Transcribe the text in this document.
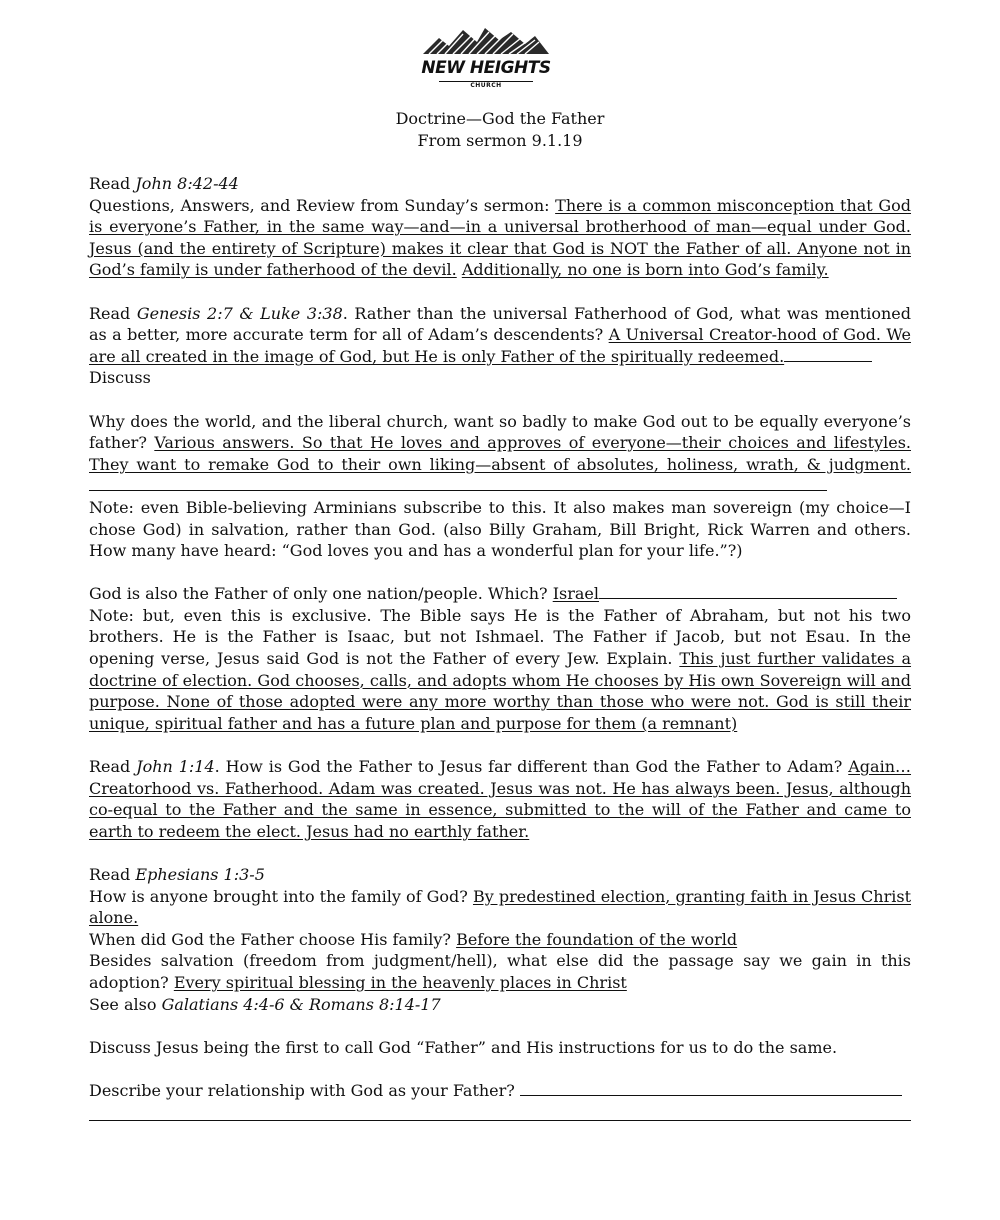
NEW HEIGHTS
CHURCH
Doctrine—God the Father
From sermon 9.1.19

Read John 8:42-44

Questions, Answers, and Review from Sunday’s sermon: There is a common misconception that God is everyone’s Father, in the same way—and—in a universal brotherhood of man—equal under God. Jesus (and the entirety of Scripture) makes it clear that God is NOT the Father of all. Anyone not in God’s family is under fatherhood of the devil. Additionally, no one is born into God’s family.

Read Genesis 2:7 & Luke 3:38. Rather than the universal Fatherhood of God, what was mentioned as a better, more accurate term for all of Adam’s descendents? A Universal Creator-hood of God. We are all created in the image of God, but He is only Father of the spiritually redeemed.

Discuss

Why does the world, and the liberal church, want so badly to make God out to be equally everyone’s father? Various answers. So that He loves and approves of everyone—their choices and lifestyles. They want to remake God to their own liking—absent of absolutes, holiness, wrath, & judgment.

Note: even Bible-believing Arminians subscribe to this. It also makes man sovereign (my choice—I chose God) in salvation, rather than God. (also Billy Graham, Bill Bright, Rick Warren and others. How many have heard: “God loves you and has a wonderful plan for your life.”?)

God is also the Father of only one nation/people. Which? Israel

Note: but, even this is exclusive. The Bible says He is the Father of Abraham, but not his two brothers. He is the Father is Isaac, but not Ishmael. The Father if Jacob, but not Esau. In the opening verse, Jesus said God is not the Father of every Jew. Explain. This just further validates a doctrine of election. God chooses, calls, and adopts whom He chooses by His own Sovereign will and purpose. None of those adopted were any more worthy than those who were not. God is still their unique, spiritual father and has a future plan and purpose for them (a remnant)

Read John 1:14. How is God the Father to Jesus far different than God the Father to Adam? Again…Creatorhood vs. Fatherhood. Adam was created. Jesus was not. He has always been. Jesus, although co-equal to the Father and the same in essence, submitted to the will of the Father and came to earth to redeem the elect. Jesus had no earthly father.

Read Ephesians 1:3-5

How is anyone brought into the family of God? By predestined election, granting faith in Jesus Christ alone.

When did God the Father choose His family? Before the foundation of the world

Besides salvation (freedom from judgment/hell), what else did the passage say we gain in this adoption? Every spiritual blessing in the heavenly places in Christ

See also Galatians 4:4-6 & Romans 8:14-17

Discuss Jesus being the first to call God “Father” and His instructions for us to do the same.

Describe your relationship with God as your Father?
